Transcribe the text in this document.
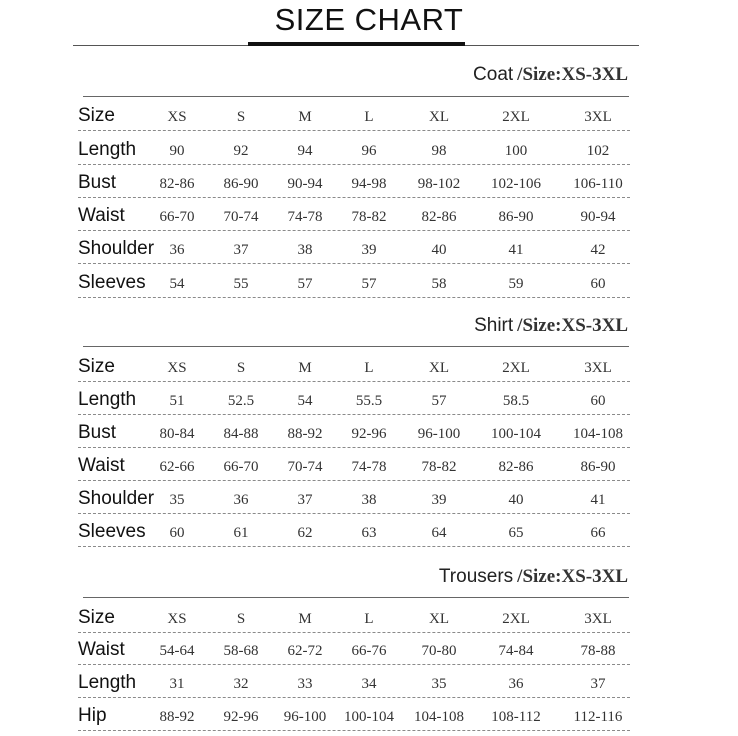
SIZE CHART
Coat /Size:XS-3XL
Size	XS	S	M	L	XL	2XL	3XL
Length	90	92	94	96	98	100	102
Bust	82-86	86-90	90-94	94-98	98-102	102-106	106-110
Waist	66-70	70-74	74-78	78-82	82-86	86-90	90-94
Shoulder	36	37	38	39	40	41	42
Sleeves	54	55	57	57	58	59	60
Shirt /Size:XS-3XL
Size	XS	S	M	L	XL	2XL	3XL
Length	51	52.5	54	55.5	57	58.5	60
Bust	80-84	84-88	88-92	92-96	96-100	100-104	104-108
Waist	62-66	66-70	70-74	74-78	78-82	82-86	86-90
Shoulder	35	36	37	38	39	40	41
Sleeves	60	61	62	63	64	65	66
Trousers /Size:XS-3XL
Size	XS	S	M	L	XL	2XL	3XL
Waist	54-64	58-68	62-72	66-76	70-80	74-84	78-88
Length	31	32	33	34	35	36	37
Hip	88-92	92-96	96-100	100-104	104-108	108-112	112-116
